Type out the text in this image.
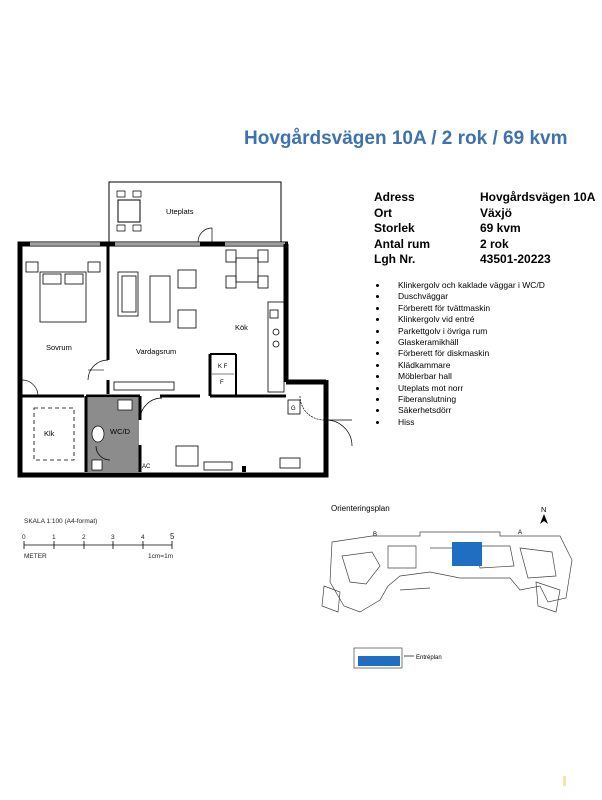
Hovgårdsvägen 10A / 2 rok / 69 kvm
Adress	Hovgårdsvägen 10A
Ort	Växjö
Storlek	69 kvm
Antal rum	2 rok
Lgh Nr.	43501-20223
Klinkergolv och kaklade väggar i WC/D
Duschväggar
Förberett för tvättmaskin
Klinkergolv vid entré
Parkettgolv i övriga rum
Glaskeramikhäll
Förberett för diskmaskin
Klädkammare
Möblerbar hall
Uteplats mot norr
Fiberanslutning
Säkerhetsdörr
Hiss
Uteplats
Sovrum	Vardagsrum
Kök
K F
F
Klk	WC/D
AC
G
SKALA 1:100 (A4-format)
0	1	2	3	4	5
METER	1cm=1m
Orienteringsplan	N
B	A
Entréplan
